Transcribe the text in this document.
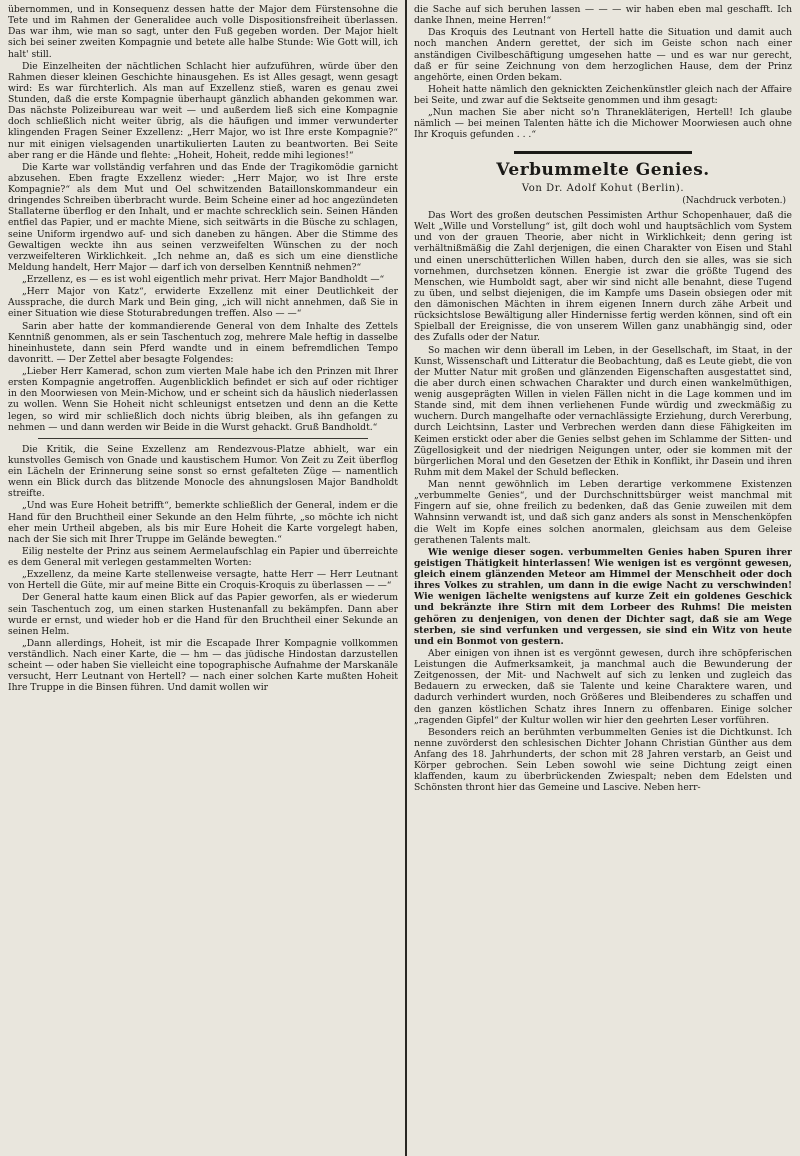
übernommen, und in Konsequenz dessen hatte der Major dem Fürstensohne die Tete und im Rahmen der Generalidee auch volle Dispositionsfreiheit überlassen. Das war ihm, wie man so sagt, unter den Fuß gegeben worden. Der Major hielt sich bei seiner zweiten Kompagnie und betete alle halbe Stunde: Wie Gott will, ich halt' still.

Die Einzelheiten der nächtlichen Schlacht hier aufzuführen, würde über den Rahmen dieser kleinen Geschichte hinausgehen. Es ist Alles gesagt, wenn gesagt wird: Es war fürchterlich. Als man auf Exzellenz stieß, waren es genau zwei Stunden, daß die erste Kompagnie überhaupt gänzlich abhanden gekommen war. Das nächste Polizeibureau war weit — und außerdem ließ sich eine Kompagnie doch schließlich nicht weiter übrig, als die häufigen und immer verwunderter klingenden Fragen Seiner Exzellenz: „Herr Major, wo ist Ihre erste Kompagnie?“ nur mit einigen vielsagenden unartikulierten Lauten zu beantworten. Bei Seite aber rang er die Hände und flehte: „Hoheit, Hoheit, redde mihi legiones!“

Die Karte war vollständig verfahren und das Ende der Tragikomödie garnicht abzusehen. Eben fragte Exzellenz wieder: „Herr Major, wo ist Ihre erste Kompagnie?“ als dem Mut und Oel schwitzenden Bataillonskommandeur ein dringendes Schreiben überbracht wurde. Beim Scheine einer ad hoc angezündeten Stallaterne überflog er den Inhalt, und er machte schrecklich sein. Seinen Händen entfiel das Papier, und er machte Miene, sich seitwärts in die Büsche zu schlagen, seine Uniform irgendwo auf- und sich daneben zu hängen. Aber die Stimme des Gewaltigen weckte ihn aus seinen verzweifelten Wünschen zu der noch verzweifelteren Wirklichkeit. „Ich nehme an, daß es sich um eine dienstliche Meldung handelt, Herr Major — darf ich von derselben Kenntniß nehmen?“

„Erzellenz, es — es ist wohl eigentlich mehr privat. Herr Major Bandholdt —“

„Herr Major von Katz“, erwiderte Exzellenz mit einer Deutlichkeit der Aussprache, die durch Mark und Bein ging, „ich will nicht annehmen, daß Sie in einer Situation wie diese Stoturabredungen treffen. Also — —“

Sarin aber hatte der kommandierende General von dem Inhalte des Zettels Kenntniß genommen, als er sein Taschentuch zog, mehrere Male heftig in dasselbe hineinhustete, dann sein Pferd wandte und in einem befremdlichen Tempo davonritt. — Der Zettel aber besagte Folgendes:

„Lieber Herr Kamerad, schon zum vierten Male habe ich den Prinzen mit Ihrer ersten Kompagnie angetroffen. Augenblicklich befindet er sich auf oder richtiger in den Moorwiesen von Mein-Michow, und er scheint sich da häuslich niederlassen zu wollen. Wenn Sie Hoheit nicht schleunigst entsetzen und denn an die Kette legen, so wird mir schließlich doch nichts übrig bleiben, als ihn gefangen zu nehmen — und dann werden wir Beide in die Wurst gehackt. Gruß Bandholdt.“

Die Kritik, die Seine Exzellenz am Rendezvous-Platze abhielt, war ein kunstvolles Gemisch von Gnade und kaustischem Humor. Von Zeit zu Zeit überflog ein Lächeln der Erinnerung seine sonst so ernst gefalteten Züge — namentlich wenn ein Blick durch das blitzende Monocle des ahnungslosen Major Bandholdt streifte.

„Und was Eure Hoheit betrifft“, bemerkte schließlich der General, indem er die Hand für den Bruchtheil einer Sekunde an den Helm führte, „so möchte ich nicht eher mein Urtheil abgeben, als bis mir Eure Hoheit die Karte vorgelegt haben, nach der Sie sich mit Ihrer Truppe im Gelände bewegten.“

Eilig nestelte der Prinz aus seinem Aermelaufschlag ein Papier und überreichte es dem General mit verlegen gestammelten Worten:

„Exzellenz, da meine Karte stellenweise versagte, hatte Herr — Herr Leutnant von Hertell die Güte, mir auf meine Bitte ein Croquis-Kroquis zu überlassen — —“

Der General hatte kaum einen Blick auf das Papier geworfen, als er wiederum sein Taschentuch zog, um einen starken Hustenanfall zu bekämpfen. Dann aber wurde er ernst, und wieder hob er die Hand für den Bruchtheil einer Sekunde an seinen Helm.

„Dann allerdings, Hoheit, ist mir die Escapade Ihrer Kompagnie vollkommen verständlich. Nach einer Karte, die — hm — das jüdische Hindostan darzustellen scheint — oder haben Sie vielleicht eine topographische Aufnahme der Marskanäle versucht, Herr Leutnant von Hertell? — nach einer solchen Karte mußten Hoheit Ihre Truppe in die Binsen führen. Und damit wollen wir

die Sache auf sich beruhen lassen — — — wir haben eben mal geschafft. Ich danke Ihnen, meine Herren!“

Das Kroquis des Leutnant von Hertell hatte die Situation und damit auch noch manchen Andern gerettet, der sich im Geiste schon nach einer anständigen Civilbeschäftigung umgesehen hatte — und es war nur gerecht, daß er für seine Zeichnung von dem herzoglichen Hause, dem der Prinz angehörte, einen Orden bekam.

Hoheit hatte nämlich den geknickten Zeichenkünstler gleich nach der Affaire bei Seite, und zwar auf die Sektseite genommen und ihm gesagt:

„Nun machen Sie aber nicht so'n Thranekläterigen, Hertell! Ich glaube nämlich — bei meinen Talenten hätte ich die Michower Moorwiesen auch ohne Ihr Kroquis gefunden . . .“

Verbummelte Genies.
Von Dr. Adolf Kohut (Berlin).
(Nachdruck verboten.)

Das Wort des großen deutschen Pessimisten Arthur Schopenhauer, daß die Welt „Wille und Vorstellung“ ist, gilt doch wohl und hauptsächlich vom System und von der grauen Theorie, aber nicht in Wirklichkeit; denn gering ist verhältnißmäßig die Zahl derjenigen, die einen Charakter von Eisen und Stahl und einen unerschütterlichen Willen haben, durch den sie alles, was sie sich vornehmen, durchsetzen können. Energie ist zwar die größte Tugend des Menschen, wie Humboldt sagt, aber wir sind nicht alle benahnt, diese Tugend zu üben, und selbst diejenigen, die im Kampfe ums Dasein obsiegen oder mit den dämonischen Mächten in ihrem eigenen Innern durch zähe Arbeit und rücksichtslose Bewältigung aller Hindernisse fertig werden können, sind oft ein Spielball der Ereignisse, die von unserem Willen ganz unabhängig sind, oder des Zufalls oder der Natur.

So machen wir denn überall im Leben, in der Gesellschaft, im Staat, in der Kunst, Wissenschaft und Litteratur die Beobachtung, daß es Leute giebt, die von der Mutter Natur mit großen und glänzenden Eigenschaften ausgestattet sind, die aber durch einen schwachen Charakter und durch einen wankelmüthigen, wenig ausgeprägten Willen in vielen Fällen nicht in die Lage kommen und im Stande sind, mit dem ihnen verliehenen Funde würdig und zweckmäßig zu wuchern. Durch mangelhafte oder vernachlässigte Erziehung, durch Vererbung, durch Leichtsinn, Laster und Verbrechen werden dann diese Fähigkeiten im Keimen erstickt oder aber die Genies selbst gehen im Schlamme der Sitten- und Zügellosigkeit und der niedrigen Neigungen unter, oder sie kommen mit der bürgerlichen Moral und den Gesetzen der Ethik in Konflikt, ihr Dasein und ihren Ruhm mit dem Makel der Schuld beflecken.

Man nennt gewöhnlich im Leben derartige verkommene Existenzen „verbummelte Genies“, und der Durchschnittsbürger weist manchmal mit Fingern auf sie, ohne freilich zu bedenken, daß das Genie zuweilen mit dem Wahnsinn verwandt ist, und daß sich ganz anders als sonst in Menschenköpfen die Welt im Kopfe eines solchen anormalen, gleichsam aus dem Geleise gerathenen Talents malt.

Wie wenige dieser sogen. verbummelten Genies haben Spuren ihrer geistigen Thätigkeit hinterlassen! Wie wenigen ist es vergönnt gewesen, gleich einem glänzenden Meteor am Himmel der Menschheit oder doch ihres Volkes zu strahlen, um dann in die ewige Nacht zu verschwinden! Wie wenigen lächelte wenigstens auf kurze Zeit ein goldenes Geschick und bekränzte ihre Stirn mit dem Lorbeer des Ruhms! Die meisten gehören zu denjenigen, von denen der Dichter sagt, daß sie am Wege sterben, sie sind verfunken und vergessen, sie sind ein Witz von heute und ein Bonmot von gestern.

Aber einigen von ihnen ist es vergönnt gewesen, durch ihre schöpferischen Leistungen die Aufmerksamkeit, ja manchmal auch die Bewunderung der Zeitgenossen, der Mit- und Nachwelt auf sich zu lenken und zugleich das Bedauern zu erwecken, daß sie Talente und keine Charaktere waren, und dadurch verhindert wurden, noch Größeres und Bleibenderes zu schaffen und den ganzen köstlichen Schatz ihres Innern zu offenbaren. Einige solcher „ragenden Gipfel“ der Kultur wollen wir hier den geehrten Leser vorführen.

Besonders reich an berühmten verbummelten Genies ist die Dichtkunst. Ich nenne zuvörderst den schlesischen Dichter Johann Christian Günther aus dem Anfang des 18. Jahrhunderts, der schon mit 28 Jahren verstarb, an Geist und Körper gebrochen. Sein Leben sowohl wie seine Dichtung zeigt einen klaffenden, kaum zu überbrückenden Zwiespalt; neben dem Edelsten und Schönsten thront hier das Gemeine und Lascive. Neben herr-
